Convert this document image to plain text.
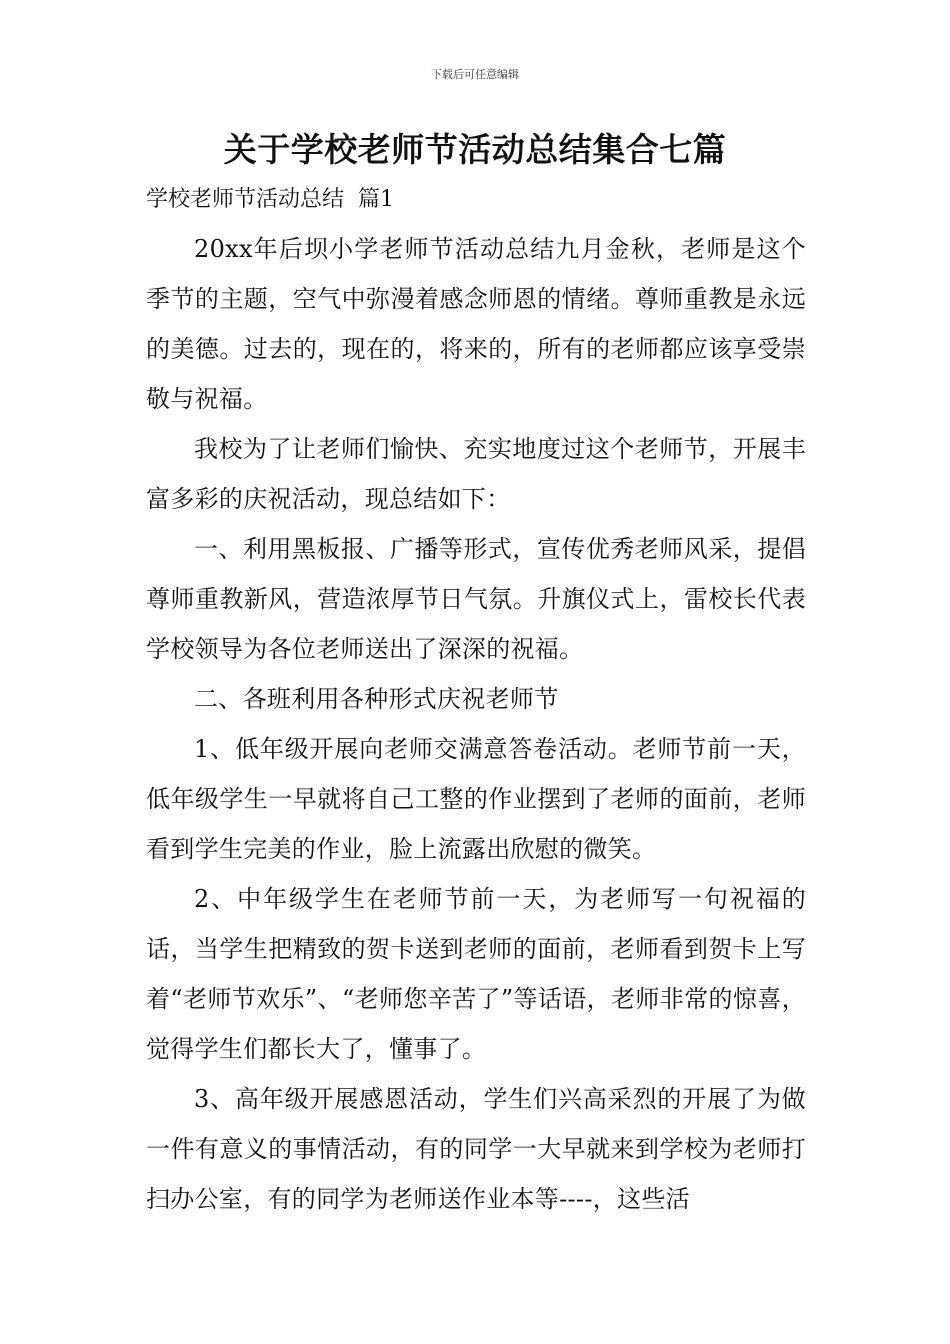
下载后可任意编辑
关于学校老师节活动总结集合七篇

学校老师节活动总结  篇1

20xx年后坝小学老师节活动总结九月金秋，老师是这个季节的主题，空气中弥漫着感念师恩的情绪。尊师重教是永远的美德。过去的，现在的，将来的，所有的老师都应该享受崇敬与祝福。

我校为了让老师们愉快、充实地度过这个老师节，开展丰富多彩的庆祝活动，现总结如下：

一、利用黑板报、广播等形式，宣传优秀老师风采，提倡尊师重教新风，营造浓厚节日气氛。升旗仪式上，雷校长代表学校领导为各位老师送出了深深的祝福。

二、各班利用各种形式庆祝老师节

1、低年级开展向老师交满意答卷活动。老师节前一天，低年级学生一早就将自己工整的作业摆到了老师的面前，老师看到学生完美的作业，脸上流露出欣慰的微笑。

2、中年级学生在老师节前一天，为老师写一句祝福的话，当学生把精致的贺卡送到老师的面前，老师看到贺卡上写着“老师节欢乐”、“老师您辛苦了”等话语，老师非常的惊喜，觉得学生们都长大了，懂事了。

3、高年级开展感恩活动，学生们兴高采烈的开展了为做一件有意义的事情活动，有的同学一大早就来到学校为老师打扫办公室，有的同学为老师送作业本等----，这些活
